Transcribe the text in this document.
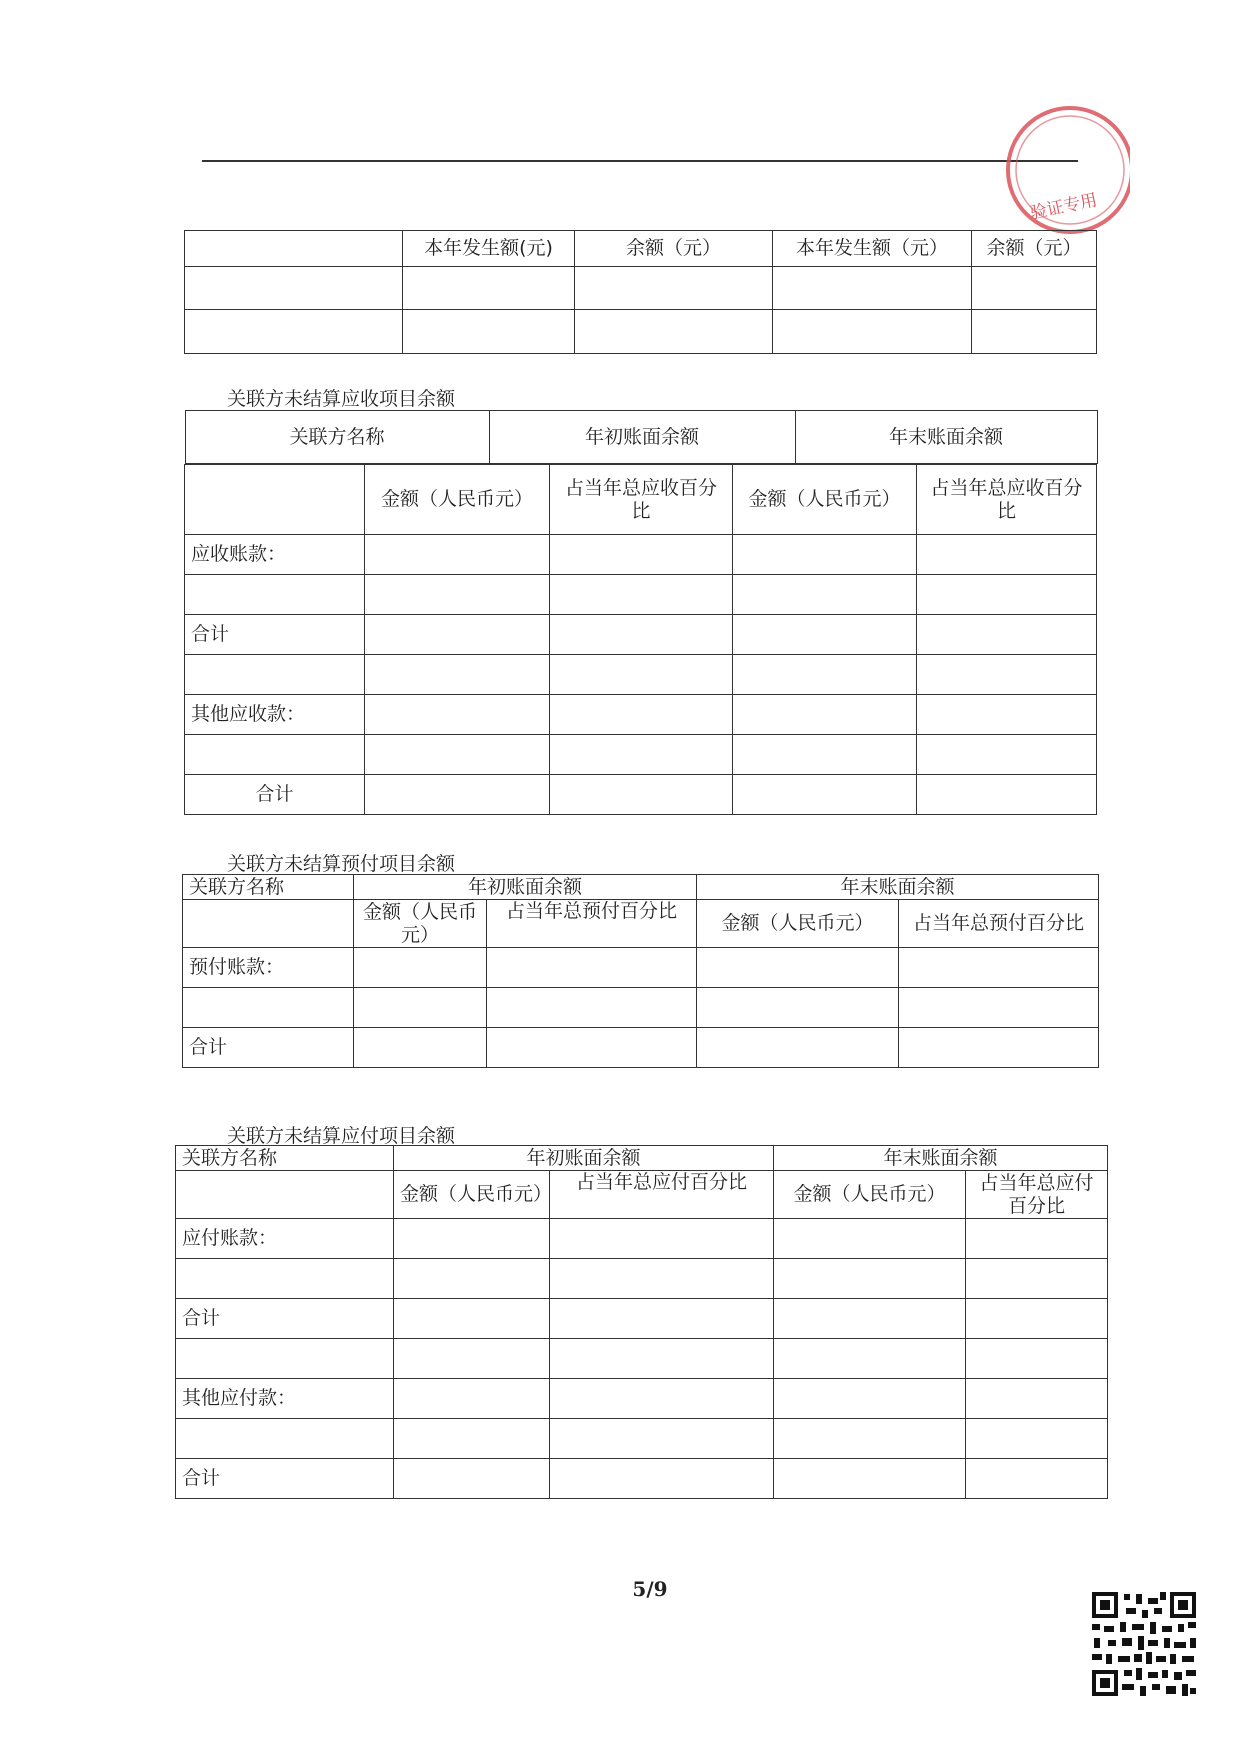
验证专用
	本年发生额(元)	余额（元）	本年发生额（元）	余额（元）

关联方未结算应收项目余额
关联方名称	年初账面余额	年末账面余额

	金额（人民币元）	占当年总应收百分比	金额（人民币元）	占当年总应收百分比
应收账款：				

合计				

其他应收款：				

合计				
关联方未结算预付项目余额
关联方名称	年初账面余额		年末账面余额	
	金额（人民币元）	占当年总预付百分比	金额（人民币元）	占当年总预付百分比
预付账款：				

合计				
关联方未结算应付项目余额
关联方名称	年初账面余额		年末账面余额	
	金额（人民币元）	占当年总应付百分比	金额（人民币元）	占当年总应付百分比
应付账款：				

合计				

其他应付款：				

合计				
5/9
